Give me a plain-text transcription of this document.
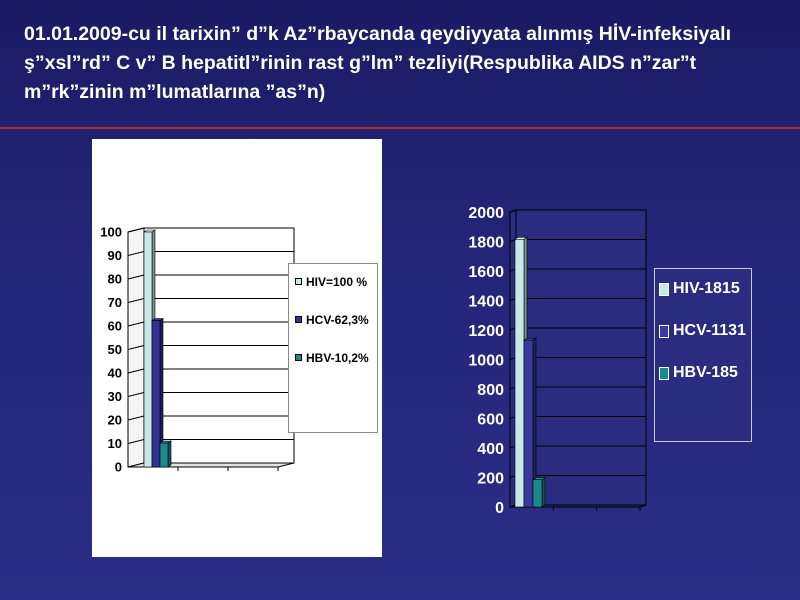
01.01.2009-cu il tarixin” d”k Az”rbaycanda qeydiyyata alınmış HİV-infeksiyalı ş”xsl”rd” C v” B hepatitl”rinin rast g”lm” tezliyi(Respublika AIDS n”zar”t m”rk”zinin m”lumatlarına ”as”n)
0
10
20
30
40
50
60
70
80
90
100
HIV=100 %
HCV-62,3%
HBV-10,2%
0
200
400
600
800
1000
1200
1400
1600
1800
2000
HIV-1815
HCV-1131
HBV-185
